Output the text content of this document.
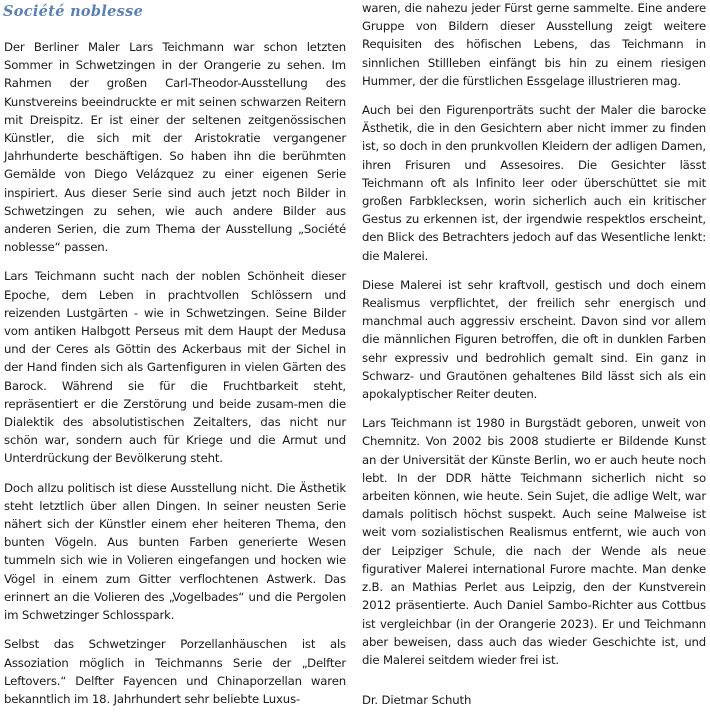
Société noblesse

Der Berliner Maler Lars Teichmann war schon letzten Sommer in Schwetzingen in der Orangerie zu sehen. Im Rahmen der großen Carl-Theodor-Ausstellung des Kunstvereins beeindruckte er mit seinen schwarzen Reitern mit Dreispitz. Er ist einer der seltenen zeitgenössischen Künstler, die sich mit der Aristokratie vergangener Jahrhunderte beschäftigen. So haben ihn die berühmten Gemälde von Diego Velázquez zu einer eigenen Serie inspiriert. Aus dieser Serie sind auch jetzt noch Bilder in Schwetzingen zu sehen, wie auch andere Bilder aus anderen Serien, die zum Thema der Ausstellung „Société noblesse“ passen.

Lars Teichmann sucht nach der noblen Schönheit dieser Epoche, dem Leben in prachtvollen Schlössern und reizenden Lustgärten - wie in Schwetzingen. Seine Bilder vom antiken Halbgott Perseus mit dem Haupt der Medusa und der Ceres als Göttin des Ackerbaus mit der Sichel in der Hand finden sich als Gartenfiguren in vielen Gärten des Barock. Während sie für die Fruchtbarkeit steht, repräsentiert er die Zerstörung und beide zusam-men die Dialektik des absolutistischen Zeitalters, das nicht nur schön war, sondern auch für Kriege und die Armut und Unterdrückung der Bevölkerung steht.

Doch allzu politisch ist diese Ausstellung nicht. Die Ästhetik steht letztlich über allen Dingen. In seiner neusten Serie nähert sich der Künstler einem eher heiteren Thema, den bunten Vögeln. Aus bunten Farben generierte Wesen tummeln sich wie in Volieren eingefangen und hocken wie Vögel in einem zum Gitter verflochtenen Astwerk. Das erinnert an die Volieren des „Vogelbades“ und die Pergolen im Schwetzinger Schlosspark.

Selbst das Schwetzinger Porzellanhäuschen ist als Assoziation möglich in Teichmanns Serie der „Delfter Leftovers.“ Delfter Fayencen und Chinaporzellan waren bekanntlich im 18. Jahrhundert sehr beliebte Luxus-

waren, die nahezu jeder Fürst gerne sammelte. Eine andere Gruppe von Bildern dieser Ausstellung zeigt weitere Requisiten des höfischen Lebens, das Teichmann in sinnlichen Stillleben einfängt bis hin zu einem riesigen Hummer, der die fürstlichen Essgelage illustrieren mag.

Auch bei den Figurenporträts sucht der Maler die barocke Ästhetik, die in den Gesichtern aber nicht immer zu finden ist, so doch in den prunkvollen Kleidern der adligen Damen, ihren Frisuren und Assesoires. Die Gesichter lässt Teichmann oft als Infinito leer oder überschüttet sie mit großen Farbklecksen, worin sicherlich auch ein kritischer Gestus zu erkennen ist, der irgendwie respektlos erscheint, den Blick des Betrachters jedoch auf das Wesentliche lenkt: die Malerei.

Diese Malerei ist sehr kraftvoll, gestisch und doch einem Realismus verpflichtet, der freilich sehr energisch und manchmal auch aggressiv erscheint. Davon sind vor allem die männlichen Figuren betroffen, die oft in dunklen Farben sehr expressiv und bedrohlich gemalt sind. Ein ganz in Schwarz- und Grautönen gehaltenes Bild lässt sich als ein apokalyptischer Reiter deuten.

Lars Teichmann ist 1980 in Burgstädt geboren, unweit von Chemnitz. Von 2002 bis 2008 studierte er Bildende Kunst an der Universität der Künste Berlin, wo er auch heute noch lebt. In der DDR hätte Teichmann sicherlich nicht so arbeiten können, wie heute. Sein Sujet, die adlige Welt, war damals politisch höchst suspekt. Auch seine Malweise ist weit vom sozialistischen Realismus entfernt, wie auch von der Leipziger Schule, die nach der Wende als neue figurativer Malerei international Furore machte. Man denke z.B. an Mathias Perlet aus Leipzig, den der Kunstverein 2012 präsentierte. Auch Daniel Sambo-Richter aus Cottbus ist vergleichbar (in der Orangerie 2023). Er und Teichmann aber beweisen, dass auch das wieder Geschichte ist, und die Malerei seitdem wieder frei ist.

Dr. Dietmar Schuth
